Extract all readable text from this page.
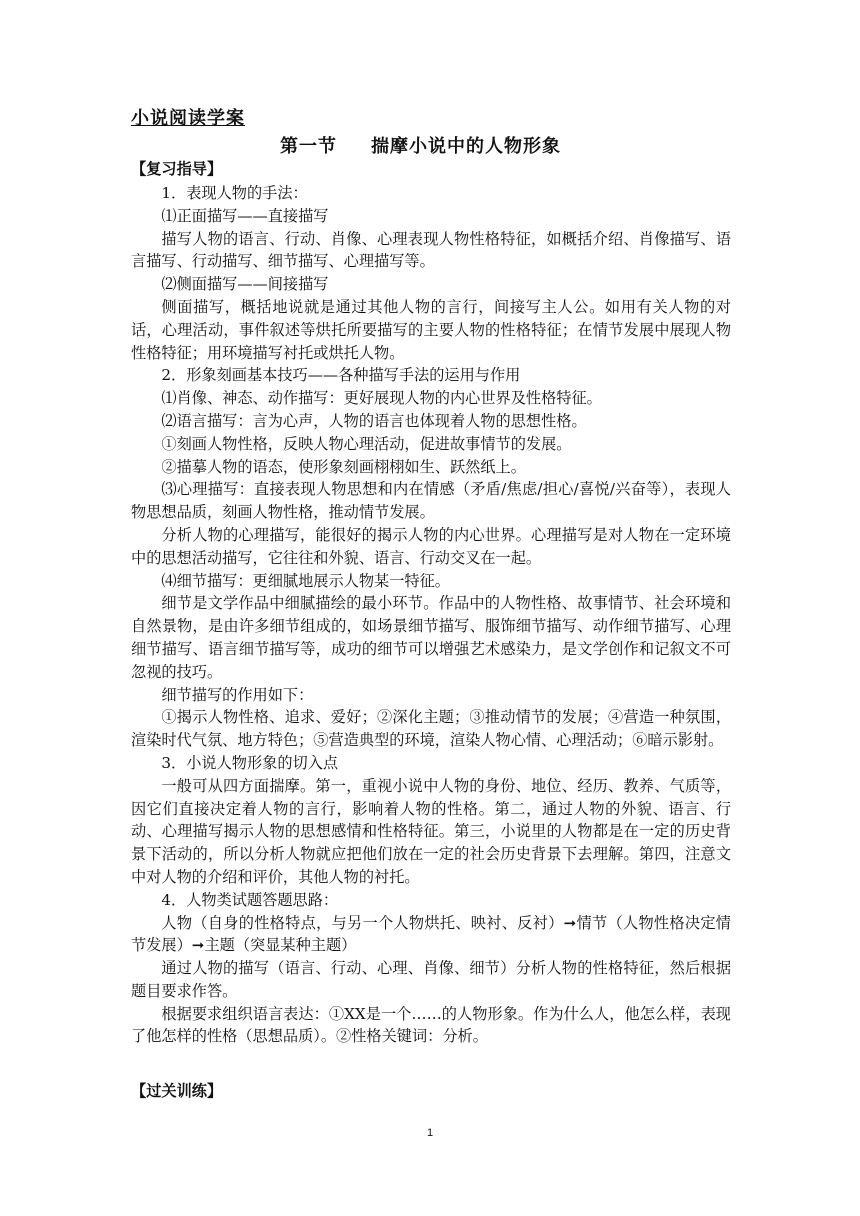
小说阅读学案
第一节 揣摩小说中的人物形象
【复习指导】

1．表现人物的手法：

⑴正面描写——直接描写

描写人物的语言、行动、肖像、心理表现人物性格特征，如概括介绍、肖像描写、语言描写、行动描写、细节描写、心理描写等。

⑵侧面描写——间接描写

侧面描写，概括地说就是通过其他人物的言行，间接写主人公。如用有关人物的对话，心理活动，事件叙述等烘托所要描写的主要人物的性格特征；在情节发展中展现人物性格特征；用环境描写衬托或烘托人物。

2．形象刻画基本技巧——各种描写手法的运用与作用

⑴肖像、神态、动作描写：更好展现人物的内心世界及性格特征。

⑵语言描写：言为心声，人物的语言也体现着人物的思想性格。

①刻画人物性格，反映人物心理活动，促进故事情节的发展。

②描摹人物的语态，使形象刻画栩栩如生、跃然纸上。

⑶心理描写：直接表现人物思想和内在情感（矛盾/焦虑/担心/喜悦/兴奋等），表现人物思想品质，刻画人物性格，推动情节发展。

分析人物的心理描写，能很好的揭示人物的内心世界。心理描写是对人物在一定环境中的思想活动描写，它往往和外貌、语言、行动交叉在一起。

⑷细节描写：更细腻地展示人物某一特征。

细节是文学作品中细腻描绘的最小环节。作品中的人物性格、故事情节、社会环境和自然景物，是由许多细节组成的，如场景细节描写、服饰细节描写、动作细节描写、心理细节描写、语言细节描写等，成功的细节可以增强艺术感染力，是文学创作和记叙文不可忽视的技巧。

细节描写的作用如下：

①揭示人物性格、追求、爱好；②深化主题；③推动情节的发展；④营造一种氛围，渲染时代气氛、地方特色；⑤营造典型的环境，渲染人物心情、心理活动；⑥暗示影射。

3．小说人物形象的切入点

一般可从四方面揣摩。第一，重视小说中人物的身份、地位、经历、教养、气质等，因它们直接决定着人物的言行，影响着人物的性格。第二，通过人物的外貌、语言、行动、心理描写揭示人物的思想感情和性格特征。第三，小说里的人物都是在一定的历史背景下活动的，所以分析人物就应把他们放在一定的社会历史背景下去理解。第四，注意文中对人物的介绍和评价，其他人物的衬托。

4．人物类试题答题思路：

人物（自身的性格特点，与另一个人物烘托、映衬、反衬）➞情节（人物性格决定情节发展）➞主题（突显某种主题）

通过人物的描写（语言、行动、心理、肖像、细节）分析人物的性格特征，然后根据题目要求作答。

根据要求组织语言表达：①XX是一个……的人物形象。作为什么人，他怎么样，表现了他怎样的性格（思想品质）。②性格关键词：分析。

【过关训练】
1
